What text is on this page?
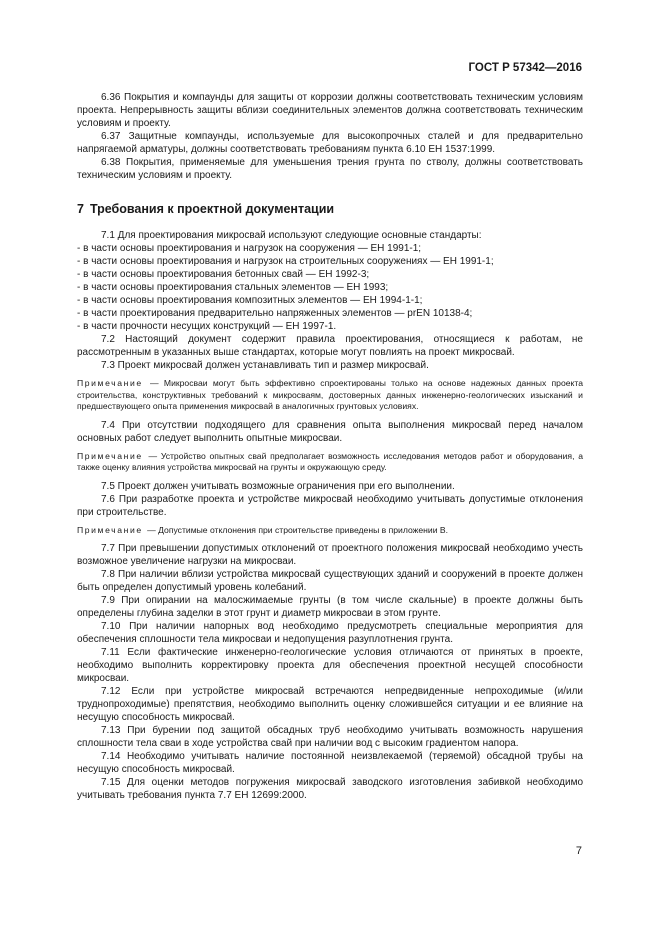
ГОСТ Р 57342—2016

6.36 Покрытия и компаунды для защиты от коррозии должны соответствовать техническим условиям проекта. Непрерывность защиты вблизи соединительных элементов должна соответствовать техническим условиям и проекту.

6.37 Защитные компаунды, используемые для высокопрочных сталей и для предварительно напрягаемой арматуры, должны соответствовать требованиям пункта 6.10 ЕН 1537:1999.

6.38 Покрытия, применяемые для уменьшения трения грунта по стволу, должны соответствовать техническим условиям и проекту.

7 Требования к проектной документации

7.1 Для проектирования микросвай используют следующие основные стандарты:

- в части основы проектирования и нагрузок на сооружения — ЕН 1991-1;
- в части основы проектирования и нагрузок на строительных сооружениях — ЕН 1991-1;
- в части основы проектирования бетонных свай — ЕН 1992-3;
- в части основы проектирования стальных элементов — ЕН 1993;
- в части основы проектирования композитных элементов — ЕН 1994-1-1;
- в части проектирования предварительно напряженных элементов — prEN 10138-4;
- в части прочности несущих конструкций — ЕН 1997-1.

7.2 Настоящий документ содержит правила проектирования, относящиеся к работам, не рассмотренным в указанных выше стандартах, которые могут повлиять на проект микросвай.

7.3 Проект микросвай должен устанавливать тип и размер микросвай.

Примечание — Микросваи могут быть эффективно спроектированы только на основе надежных данных проекта строительства, конструктивных требований к микросваям, достоверных данных инженерно-геологических изысканий и предшествующего опыта применения микросвай в аналогичных грунтовых условиях.

7.4 При отсутствии подходящего для сравнения опыта выполнения микросвай перед началом основных работ следует выполнить опытные микросваи.

Примечание — Устройство опытных свай предполагает возможность исследования методов работ и оборудования, а также оценку влияния устройства микросвай на грунты и окружающую среду.

7.5 Проект должен учитывать возможные ограничения при его выполнении.

7.6 При разработке проекта и устройстве микросвай необходимо учитывать допустимые отклонения при строительстве.

Примечание — Допустимые отклонения при строительстве приведены в приложении В.

7.7 При превышении допустимых отклонений от проектного положения микросвай необходимо учесть возможное увеличение нагрузки на микросваи.

7.8 При наличии вблизи устройства микросвай существующих зданий и сооружений в проекте должен быть определен допустимый уровень колебаний.

7.9 При опирании на малосжимаемые грунты (в том числе скальные) в проекте должны быть определены глубина заделки в этот грунт и диаметр микросваи в этом грунте.

7.10 При наличии напорных вод необходимо предусмотреть специальные мероприятия для обеспечения сплошности тела микросваи и недопущения разуплотнения грунта.

7.11 Если фактические инженерно-геологические условия отличаются от принятых в проекте, необходимо выполнить корректировку проекта для обеспечения проектной несущей способности микросваи.

7.12 Если при устройстве микросвай встречаются непредвиденные непроходимые (и/или труднопроходимые) препятствия, необходимо выполнить оценку сложившейся ситуации и ее влияние на несущую способность микросвай.

7.13 При бурении под защитой обсадных труб необходимо учитывать возможность нарушения сплошности тела сваи в ходе устройства свай при наличии вод с высоким градиентом напора.

7.14 Необходимо учитывать наличие постоянной неизвлекаемой (теряемой) обсадной трубы на несущую способность микросвай.

7.15 Для оценки методов погружения микросвай заводского изготовления забивкой необходимо учитывать требования пункта 7.7 ЕН 12699:2000.

7
